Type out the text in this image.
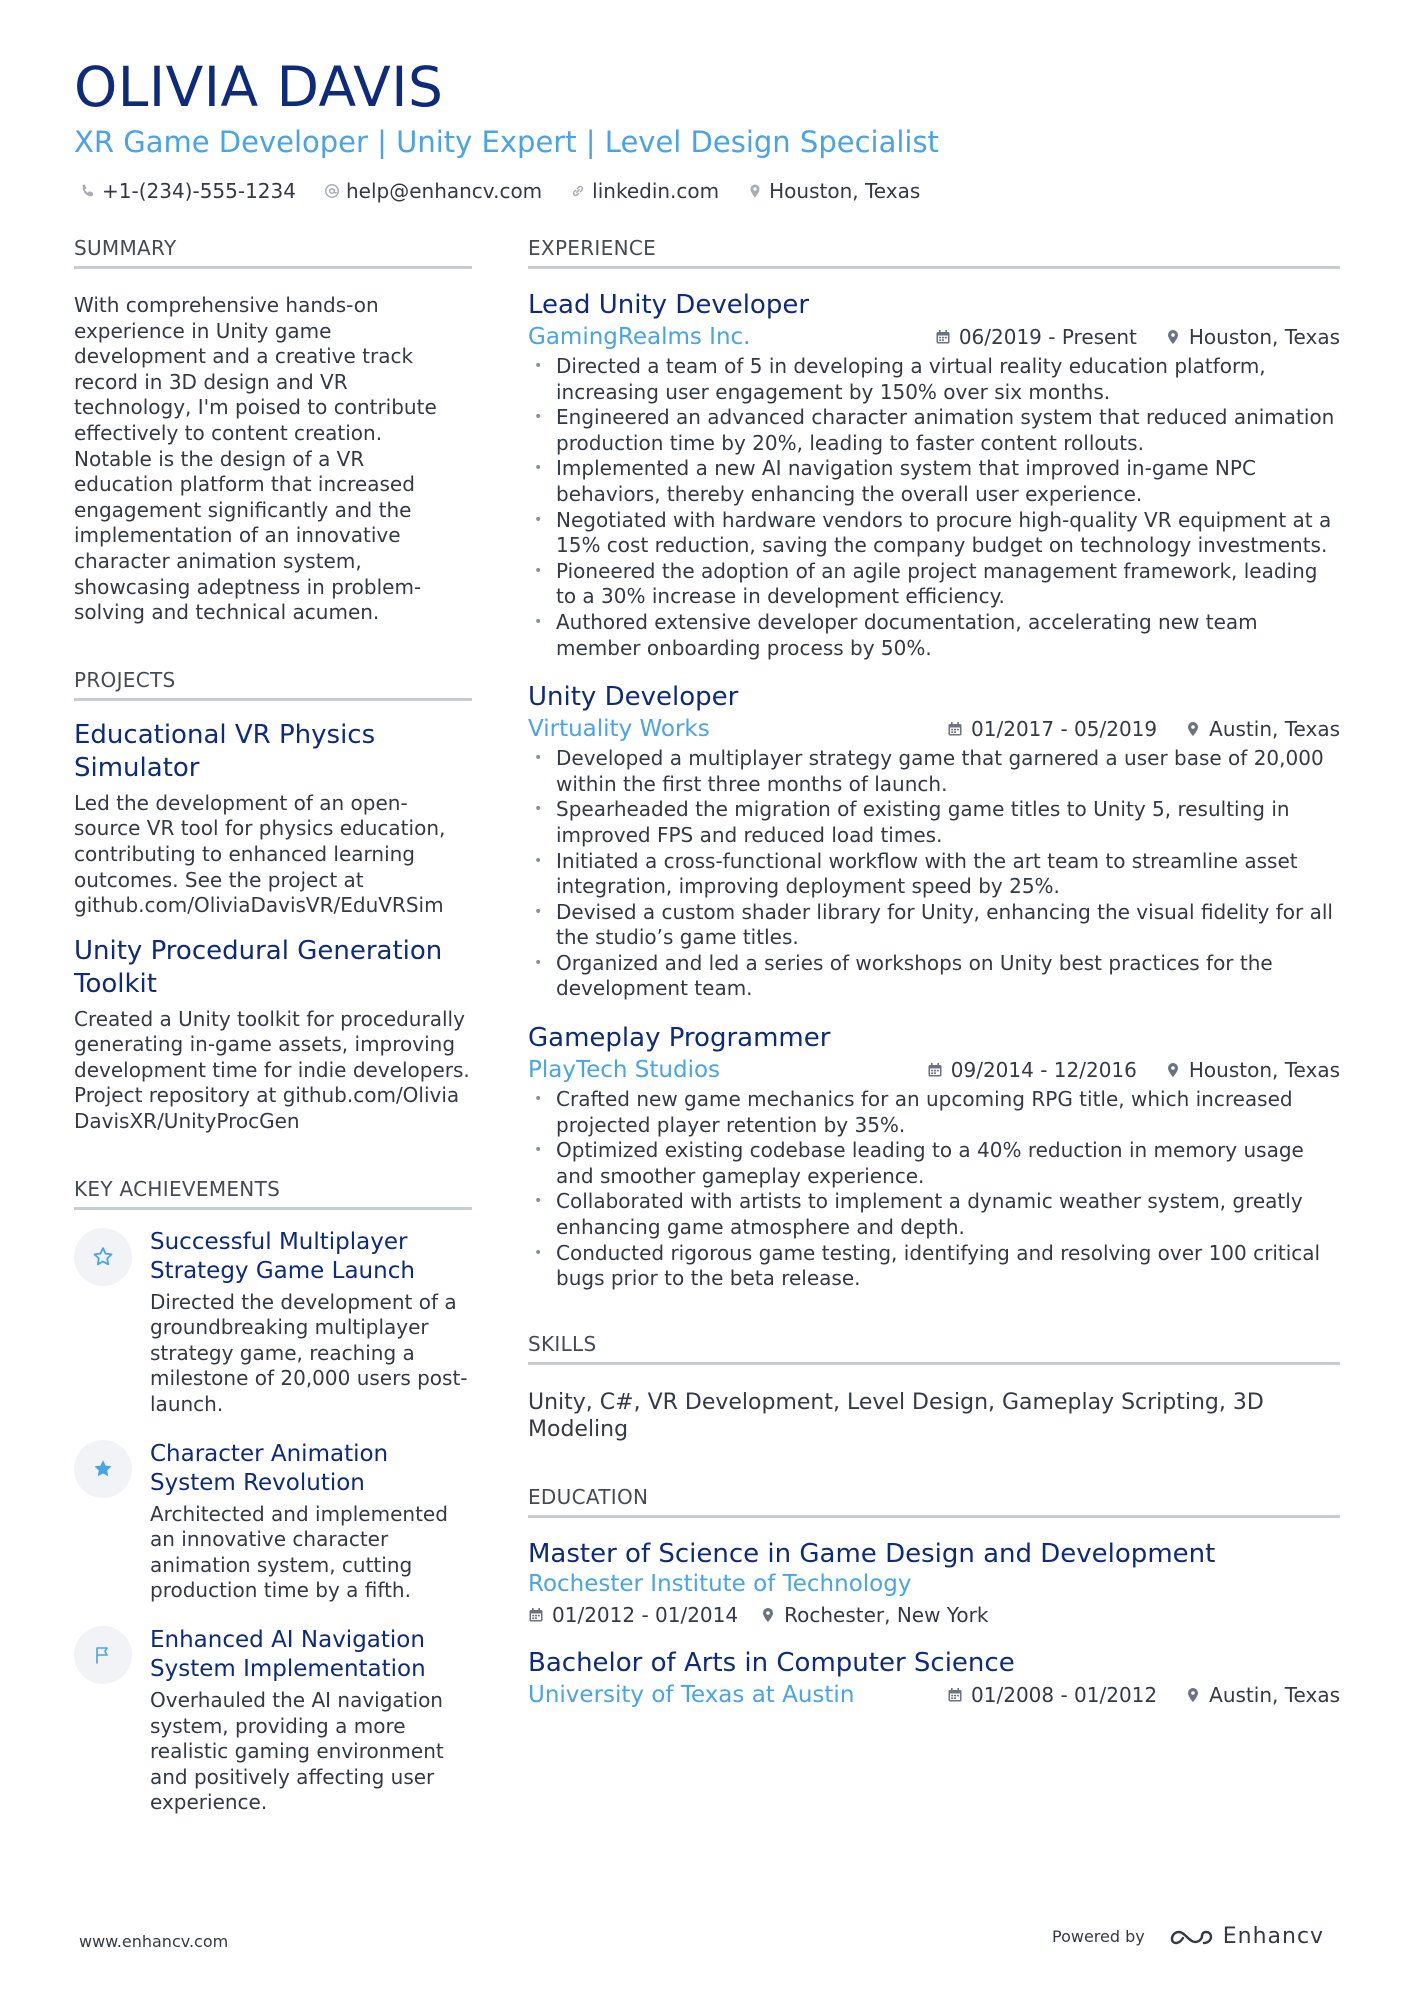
OLIVIA DAVIS
XR Game Developer | Unity Expert | Level Design Specialist
+1-(234)-555-1234	help@enhancv.com	linkedin.com	Houston, Texas
SUMMARY
With comprehensive hands-on experience in Unity game development and a creative track record in 3D design and VR technology, I'm poised to contribute effectively to content creation. Notable is the design of a VR education platform that increased engagement significantly and the implementation of an innovative character animation system, showcasing adeptness in problem-solving and technical acumen.
PROJECTS
Educational VR Physics Simulator
Led the development of an open-source VR tool for physics education, contributing to enhanced learning outcomes. See the project at github.com/OliviaDavisVR/EduVRSim
Unity Procedural Generation Toolkit
Created a Unity toolkit for procedurally generating in-game assets, improving development time for indie developers. Project repository at github.com/OliviaDavisXR/UnityProcGen
KEY ACHIEVEMENTS
Successful Multiplayer Strategy Game Launch
Directed the development of a groundbreaking multiplayer strategy game, reaching a milestone of 20,000 users post-launch.
Character Animation System Revolution
Architected and implemented an innovative character animation system, cutting production time by a fifth.
Enhanced AI Navigation System Implementation
Overhauled the AI navigation system, providing a more realistic gaming environment and positively affecting user experience.
EXPERIENCE
Lead Unity Developer
GamingRealms Inc.	06/2019 - Present	Houston, Texas
• Directed a team of 5 in developing a virtual reality education platform, increasing user engagement by 150% over six months.
• Engineered an advanced character animation system that reduced animation production time by 20%, leading to faster content rollouts.
• Implemented a new AI navigation system that improved in-game NPC behaviors, thereby enhancing the overall user experience.
• Negotiated with hardware vendors to procure high-quality VR equipment at a 15% cost reduction, saving the company budget on technology investments.
• Pioneered the adoption of an agile project management framework, leading to a 30% increase in development efficiency.
• Authored extensive developer documentation, accelerating new team member onboarding process by 50%.
Unity Developer
Virtuality Works	01/2017 - 05/2019	Austin, Texas
• Developed a multiplayer strategy game that garnered a user base of 20,000 within the first three months of launch.
• Spearheaded the migration of existing game titles to Unity 5, resulting in improved FPS and reduced load times.
• Initiated a cross-functional workflow with the art team to streamline asset integration, improving deployment speed by 25%.
• Devised a custom shader library for Unity, enhancing the visual fidelity for all the studio’s game titles.
• Organized and led a series of workshops on Unity best practices for the development team.
Gameplay Programmer
PlayTech Studios	09/2014 - 12/2016	Houston, Texas
• Crafted new game mechanics for an upcoming RPG title, which increased projected player retention by 35%.
• Optimized existing codebase leading to a 40% reduction in memory usage and smoother gameplay experience.
• Collaborated with artists to implement a dynamic weather system, greatly enhancing game atmosphere and depth.
• Conducted rigorous game testing, identifying and resolving over 100 critical bugs prior to the beta release.
SKILLS
Unity, C#, VR Development, Level Design, Gameplay Scripting, 3D Modeling
EDUCATION
Master of Science in Game Design and Development
Rochester Institute of Technology
01/2012 - 01/2014 Rochester, New York
Bachelor of Arts in Computer Science
University of Texas at Austin	01/2008 - 01/2012	Austin, Texas
www.enhancv.com	Powered by	Enhancv
